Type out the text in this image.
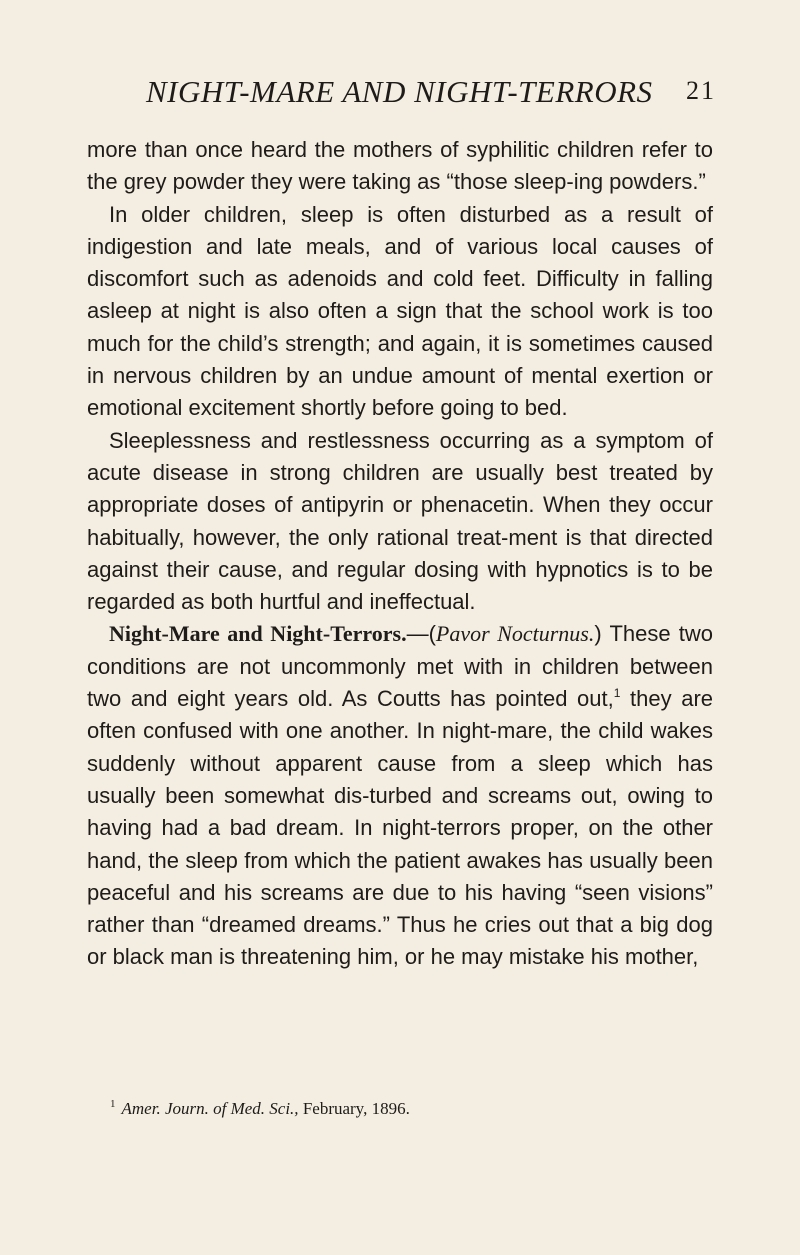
NIGHT-MARE AND NIGHT-TERRORS 21

more than once heard the mothers of syphilitic children refer to the grey powder they were taking as “those sleep-ing powders.”

In older children, sleep is often disturbed as a result of indigestion and late meals, and of various local causes of discomfort such as adenoids and cold feet. Difficulty in falling asleep at night is also often a sign that the school work is too much for the child’s strength; and again, it is sometimes caused in nervous children by an undue amount of mental exertion or emotional excitement shortly before going to bed.

Sleeplessness and restlessness occurring as a symptom of acute disease in strong children are usually best treated by appropriate doses of antipyrin or phenacetin. When they occur habitually, however, the only rational treat-ment is that directed against their cause, and regular dosing with hypnotics is to be regarded as both hurtful and ineffectual.

Night-Mare and Night-Terrors.—(Pavor Nocturnus.) These two conditions are not uncommonly met with in children between two and eight years old. As Coutts has pointed out,$^1$ they are often confused with one another. In night-mare, the child wakes suddenly without apparent cause from a sleep which has usually been somewhat dis-turbed and screams out, owing to having had a bad dream. In night-terrors proper, on the other hand, the sleep from which the patient awakes has usually been peaceful and his screams are due to his having “seen visions” rather than “dreamed dreams.” Thus he cries out that a big dog or black man is threatening him, or he may mistake his mother,

$^1$ Amer. Journ. of Med. Sci., February, 1896.
